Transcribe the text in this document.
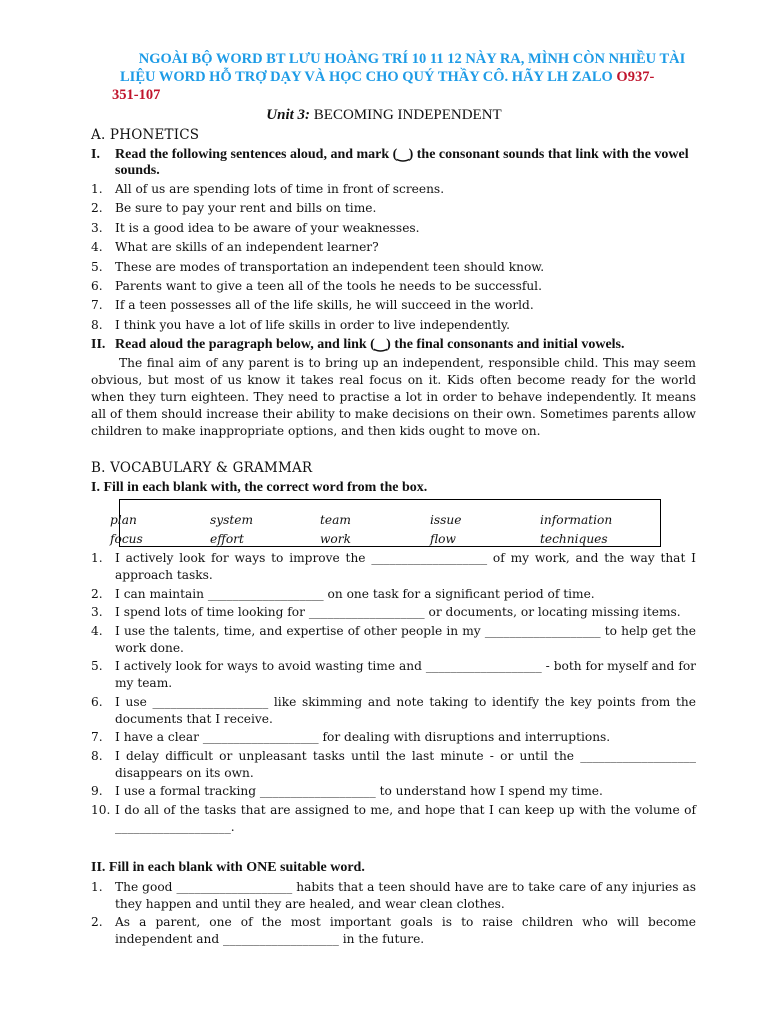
NGOÀI BỘ WORD BT LƯU HOÀNG TRÍ 10 11 12 NÀY RA, MÌNH CÒN NHIỀU TÀI
LIỆU WORD HỖ TRỢ DẠY VÀ HỌC CHO QUÝ THẦY CÔ. HÃY LH ZALO O937-
351-107
Unit 3: BECOMING INDEPENDENT
A. PHONETICS
I.	Read the following sentences aloud, and mark (‿) the consonant sounds that link with the vowel sounds.
1. All of us are spending lots of time in front of screens.
2. Be sure to pay your rent and bills on time.
3. It is a good idea to be aware of your weaknesses.
4. What are skills of an independent learner?
5. These are modes of transportation an independent teen should know.
6. Parents want to give a teen all of the tools he needs to be successful.
7. If a teen possesses all of the life skills, he will succeed in the world.
8. I think you have a lot of life skills in order to live independently.
II. Read aloud the paragraph below, and link (‿) the final consonants and initial vowels.

The final aim of any parent is to bring up an independent, responsible child. This may seem obvious, but most of us know it takes real focus on it. Kids often become ready for the world when they turn eighteen. They need to practise a lot in order to behave independently. It means all of them should increase their ability to make decisions on their own. Sometimes parents allow children to make inappropriate options, and then kids ought to move on.

B. VOCABULARY & GRAMMAR
I. Fill in each blank with, the correct word from the box.
plan	system	team	issue	information
focus	effort	work	flow	techniques
1. I actively look for ways to improve the ___________________ of my work, and the way that I approach tasks.
2. I can maintain ___________________ on one task for a significant period of time.
3. I spend lots of time looking for ___________________ or documents, or locating missing items.
4. I use the talents, time, and expertise of other people in my ___________________ to help get the work done.
5. I actively look for ways to avoid wasting time and ___________________ - both for myself and for my team.
6. I use ___________________ like skimming and note taking to identify the key points from the documents that I receive.
7. I have a clear ___________________ for dealing with disruptions and interruptions.
8. I delay difficult or unpleasant tasks until the last minute - or until the ___________________ disappears on its own.
9. I use a formal tracking ___________________ to understand how I spend my time.
10. I do all of the tasks that are assigned to me, and hope that I can keep up with the volume of ___________________.
II. Fill in each blank with ONE suitable word.
1. The good ___________________ habits that a teen should have are to take care of any injuries as they happen and until they are healed, and wear clean clothes.
2. As a parent, one of the most important goals is to raise children who will become independent and ___________________ in the future.
